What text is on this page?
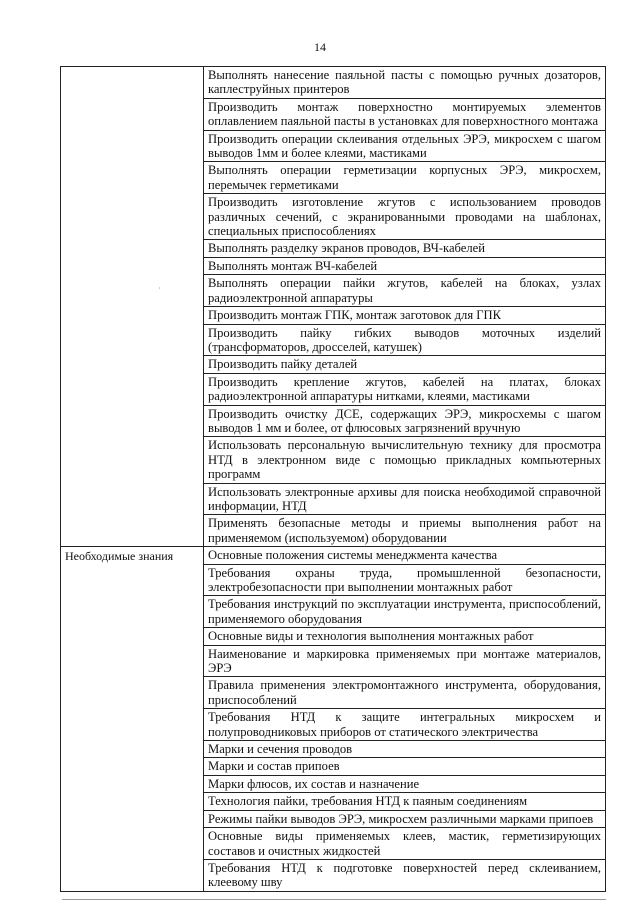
14
Выполнять нанесение паяльной пасты с помощью ручных дозаторов, каплеструйных принтеров
Производить монтаж поверхностно монтируемых элементов оплавлением паяльной пасты в установках для поверхностного монтажа
Производить операции склеивания отдельных ЭРЭ, микросхем с шагом выводов 1мм и более клеями, мастиками
Выполнять операции герметизации корпусных ЭРЭ, микросхем, перемычек герметиками
Производить изготовление жгутов с использованием проводов различных сечений, с экранированными проводами на шаблонах, специальных приспособлениях
Выполнять разделку экранов проводов, ВЧ-кабелей
Выполнять монтаж ВЧ-кабелей
Выполнять операции пайки жгутов, кабелей на блоках, узлах радиоэлектронной аппаратуры
Производить монтаж ГПК, монтаж заготовок для ГПК
Производить пайку гибких выводов моточных изделий (трансформаторов, дросселей, катушек)
Производить пайку деталей
Производить крепление жгутов, кабелей на платах, блоках радиоэлектронной аппаратуры нитками, клеями, мастиками
Производить очистку ДСЕ, содержащих ЭРЭ, микросхемы с шагом выводов 1 мм и более, от флюсовых загрязнений вручную
Использовать персональную вычислительную технику для просмотра НТД в электронном виде с помощью прикладных компьютерных программ
Использовать электронные архивы для поиска необходимой справочной информации, НТД
Применять безопасные методы и приемы выполнения работ на применяемом (используемом) оборудовании
Необходимые знания	Основные положения системы менеджмента качества
Требования охраны труда, промышленной безопасности, электробезопасности при выполнении монтажных работ
Требования инструкций по эксплуатации инструмента, приспособлений, применяемого оборудования
Основные виды и технология выполнения монтажных работ
Наименование и маркировка применяемых при монтаже материалов, ЭРЭ
Правила применения электромонтажного инструмента, оборудования, приспособлений
Требования НТД к защите интегральных микросхем и полупроводниковых приборов от статического электричества
Марки и сечения проводов
Марки и состав припоев
Марки флюсов, их состав и назначение
Технология пайки, требования НТД к паяным соединениям
Режимы пайки выводов ЭРЭ, микросхем различными марками припоев
Основные виды применяемых клеев, мастик, герметизирующих составов и очистных жидкостей
Требования НТД к подготовке поверхностей перед склеиванием, клеевому шву
·
